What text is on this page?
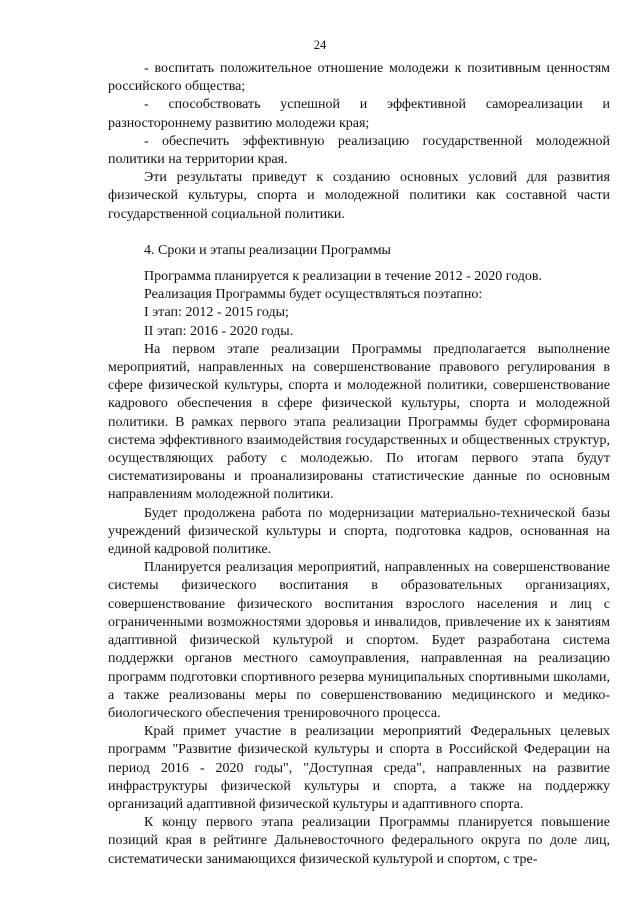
24

- воспитать положительное отношение молодежи к позитивным ценностям российского общества;

- способствовать успешной и эффективной самореализации и разностороннему развитию молодежи края;

- обеспечить эффективную реализацию государственной молодежной политики на территории края.

Эти результаты приведут к созданию основных условий для развития физической культуры, спорта и молодежной политики как составной части государственной социальной политики.

4. Сроки и этапы реализации Программы

Программа планируется к реализации в течение 2012 - 2020 годов.

Реализация Программы будет осуществляться поэтапно:

I этап: 2012 - 2015 годы;

II этап: 2016 - 2020 годы.

На первом этапе реализации Программы предполагается выполнение мероприятий, направленных на совершенствование правового регулирования в сфере физической культуры, спорта и молодежной политики, совершенствование кадрового обеспечения в сфере физической культуры, спорта и молодежной политики. В рамках первого этапа реализации Программы будет сформирована система эффективного взаимодействия государственных и общественных структур, осуществляющих работу с молодежью. По итогам первого этапа будут систематизированы и проанализированы статистические данные по основным направлениям молодежной политики.

Будет продолжена работа по модернизации материально-технической базы учреждений физической культуры и спорта, подготовка кадров, основанная на единой кадровой политике.

Планируется реализация мероприятий, направленных на совершенствование системы физического воспитания в образовательных организациях, совершенствование физического воспитания взрослого населения и лиц с ограниченными возможностями здоровья и инвалидов, привлечение их к занятиям адаптивной физической культурой и спортом. Будет разработана система поддержки органов местного самоуправления, направленная на реализацию программ подготовки спортивного резерва муниципальных спортивными школами, а также реализованы меры по совершенствованию медицинского и медико-биологического обеспечения тренировочного процесса.

Край примет участие в реализации мероприятий Федеральных целевых программ "Развитие физической культуры и спорта в Российской Федерации на период 2016 - 2020 годы", "Доступная среда", направленных на развитие инфраструктуры физической культуры и спорта, а также на поддержку организаций адаптивной физической культуры и адаптивного спорта.

К концу первого этапа реализации Программы планируется повышение позиций края в рейтинге Дальневосточного федерального округа по доле лиц, систематически занимающихся физической культурой и спортом, с тре-
